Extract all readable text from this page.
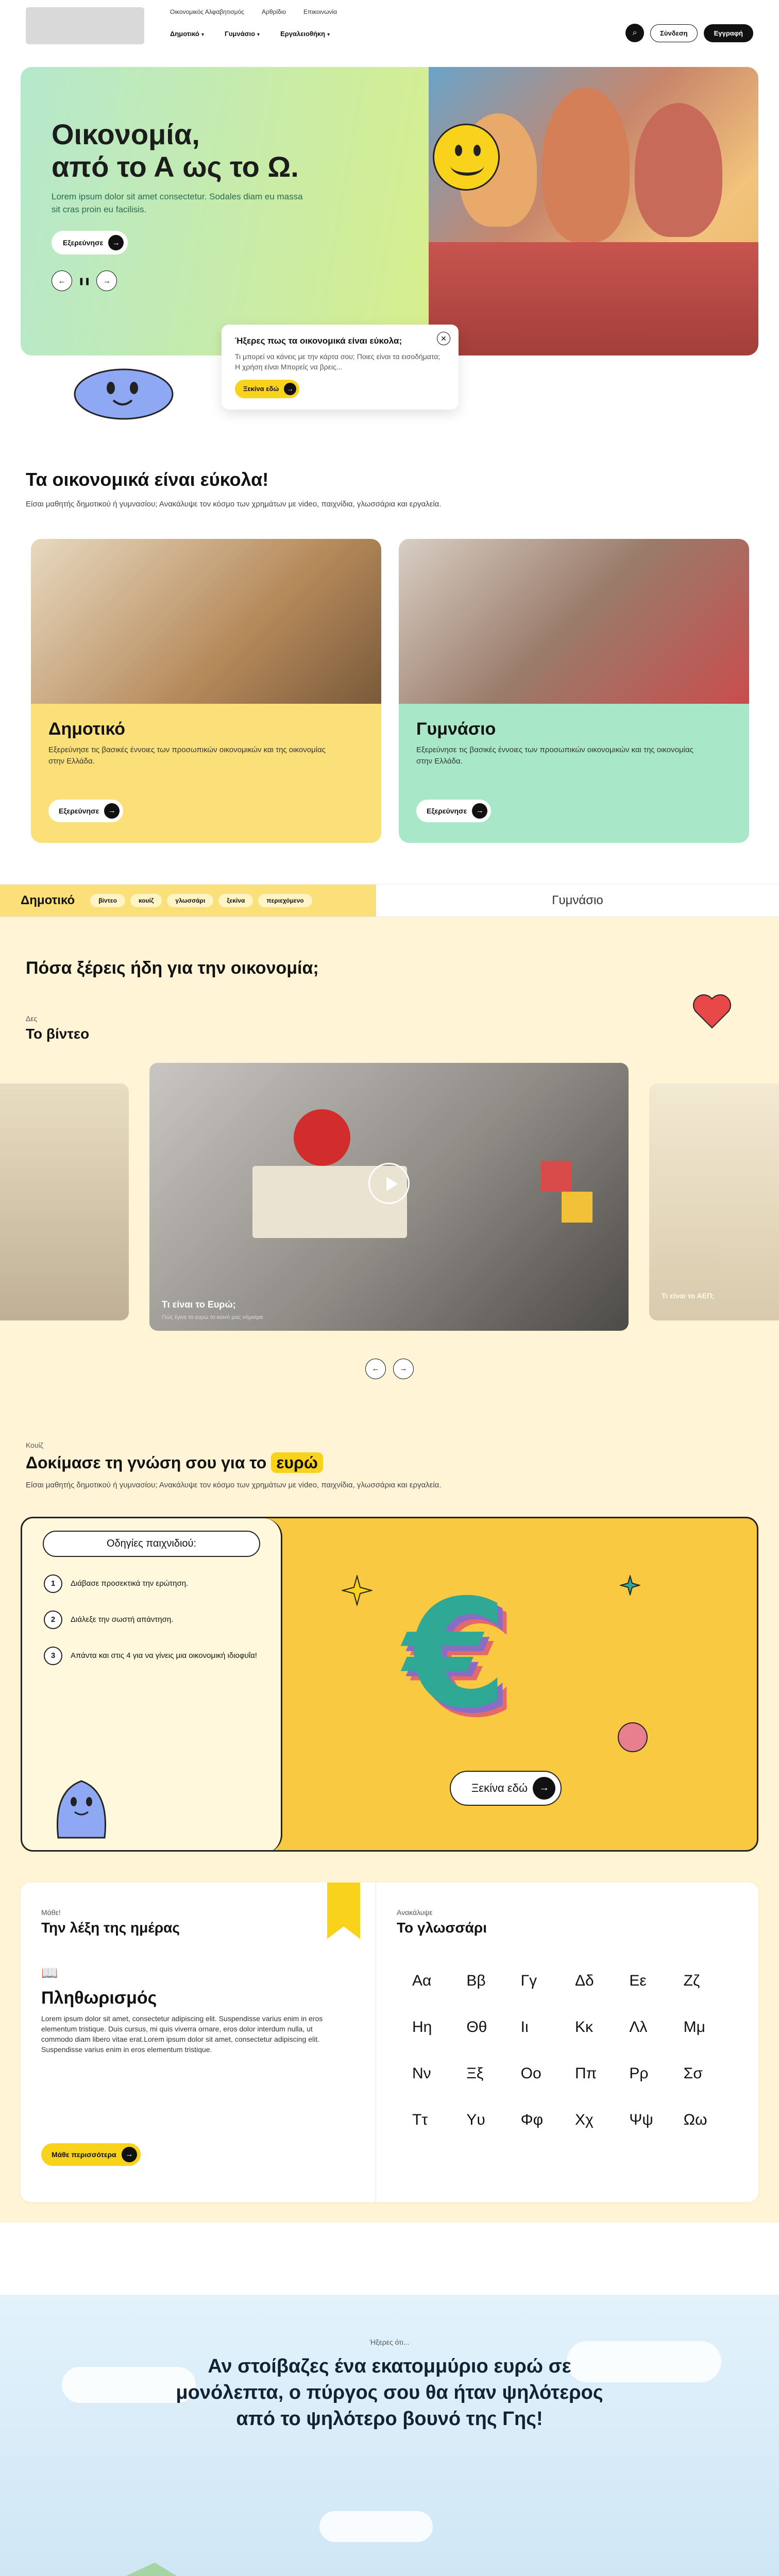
Οικονομικός Αλφαβητισμός	Αρθρίδιο	Επικοινωνία
Δημοτικό ▾	Γυμνάσιο ▾	Εργαλειοθήκη ▾	⌕	Σύνδεση	Εγγραφή
Οικονομία,
από το Α ως το Ω.

Lorem ipsum dolor sit amet consectetur. Sodales diam eu massa sit cras proin eu facilisis.

Εξερεύνησε	→
←	❚❚	→
✕
Ήξερες πως τα οικονομικά είναι εύκολα;

Τι μπορεί να κάνεις με την κάρτα σου; Ποιες είναι τα εισοδήματα; Η χρήση είναι Μπορείς να βρεις...

Ξεκίνα εδώ	→
Τα οικονομικά είναι εύκολα!

Είσαι μαθητής δημοτικού ή γυμνασίου; Ανακάλυψε τον κόσμο των χρημάτων με video, παιχνίδια, γλωσσάρια και εργαλεία.

Δημοτικό

Εξερεύνησε τις βασικές έννοιες των προσωπικών οικονομικών και της οικονομίας στην Ελλάδα.

Εξερεύνησε	→
Γυμνάσιο

Εξερεύνησε τις βασικές έννοιες των προσωπικών οικονομικών και της οικονομίας στην Ελλάδα.

Εξερεύνησε	→
Δημοτικό	βίντεο	κουίζ	γλωσσάρι	ξεκίνα	περιεχόμενο	Γυμνάσιο
Πόσα ξέρεις ήδη για την οικονομία;
Δες
Το βίντεο
Τι είναι το Ευρώ;
Πώς έγινε το ευρώ το κοινό μας νόμισμα
Τι είναι το ΑΕΠ;
←	→
Κουίζ
Δοκίμασε τη γνώση σου για το ευρώ

Είσαι μαθητής δημοτικού ή γυμνασίου; Ανακάλυψε τον κόσμο των χρημάτων με video, παιχνίδια, γλωσσάρια και εργαλεία.

Οδηγίες παιχνιδιού:
1	Διάβασε προσεκτικά την ερώτηση.
2	Διάλεξε την σωστή απάντηση.
3	Απάντα και στις 4 για να γίνεις μια οικονομική ιδιοφυΐα! €
Ξεκίνα εδώ	→
Μάθε!
Την λέξη της ημέρας
📖
Πληθωρισμός

Lorem ipsum dolor sit amet, consectetur adipiscing elit. Suspendisse varius enim in eros elementum tristique. Duis cursus, mi quis viverra ornare, eros dolor interdum nulla, ut commodo diam libero vitae erat.Lorem ipsum dolor sit amet, consectetur adipiscing elit. Suspendisse varius enim in eros elementum tristique.

Μάθε περισσότερα	→
Ανακάλυψε
Το γλωσσάρι
Αα	Ββ	Γγ	Δδ	Εε	Ζζ
Ηη	Θθ	Ιι	Κκ	Λλ	Μμ
Νν	Ξξ	Οο	Ππ	Ρρ	Σσ
Ττ	Υυ	Φφ	Χχ	Ψψ	Ωω
Ήξερες ότι...
Αν στοίβαζες ένα εκατομμύριο ευρώ σε μονόλεπτα, ο πύργος σου θα ήταν ψηλότερος από το ψηλότερο βουνό της Γης!
